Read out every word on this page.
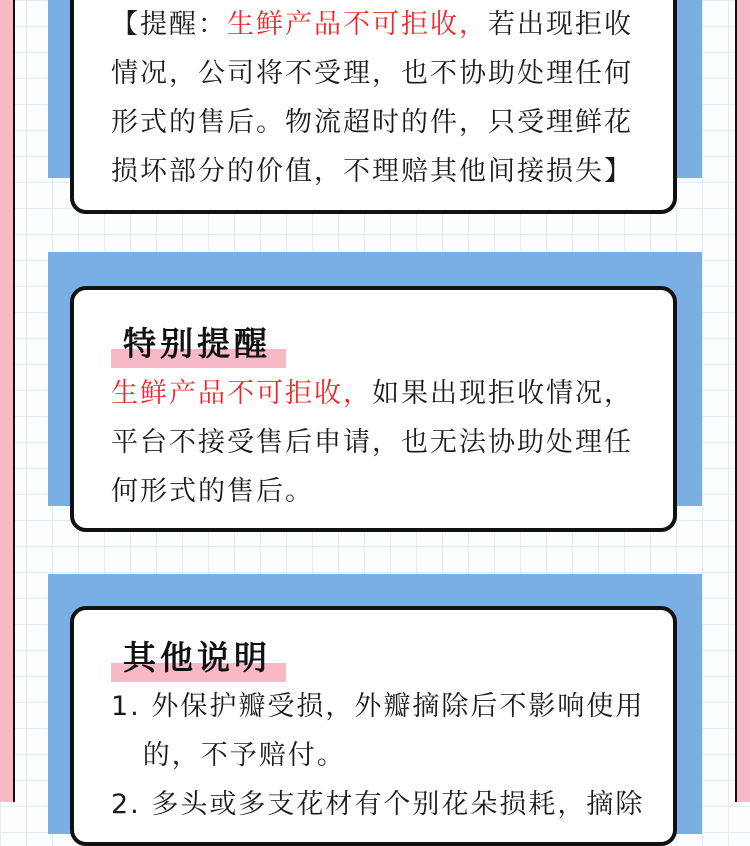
【提醒：生鲜产品不可拒收，若出现拒收
情况，公司将不受理，也不协助处理任何
形式的售后。物流超时的件，只受理鲜花
损坏部分的价值，不理赔其他间接损失】
特别提醒
生鲜产品不可拒收，如果出现拒收情况，
平台不接受售后申请，也无法协助处理任
何形式的售后。
其他说明
1. 外保护瓣受损，外瓣摘除后不影响使用
的，不予赔付。
2. 多头或多支花材有个别花朵损耗，摘除
